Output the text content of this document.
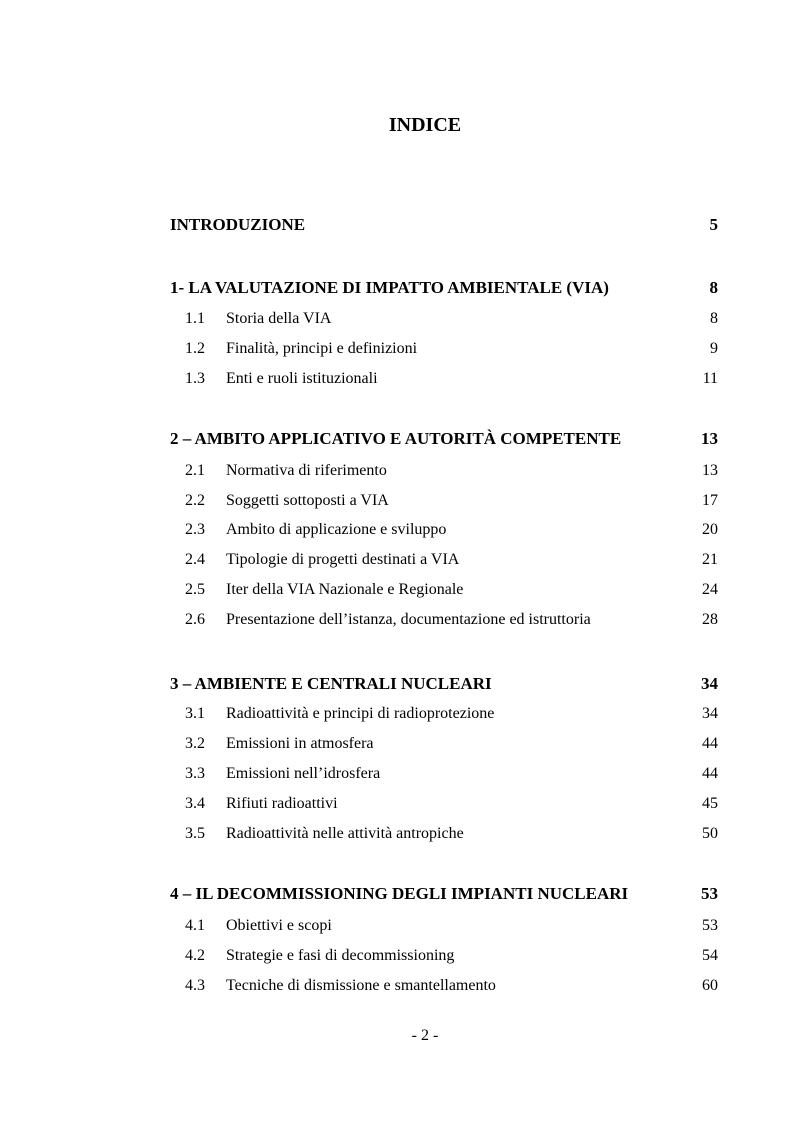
INDICE
INTRODUZIONE	5
1- LA VALUTAZIONE DI IMPATTO AMBIENTALE (VIA)	8
1.1 Storia della VIA	8
1.2 Finalità, principi e definizioni	9
1.3 Enti e ruoli istituzionali	11
2 – AMBITO APPLICATIVO E AUTORITÀ COMPETENTE	13
2.1 Normativa di riferimento	13
2.2 Soggetti sottoposti a VIA	17
2.3 Ambito di applicazione e sviluppo	20
2.4 Tipologie di progetti destinati a VIA	21
2.5 Iter della VIA Nazionale e Regionale	24
2.6 Presentazione dell’istanza, documentazione ed istruttoria	28
3 – AMBIENTE E CENTRALI NUCLEARI	34
3.1 Radioattività e principi di radioprotezione	34
3.2 Emissioni in atmosfera	44
3.3 Emissioni nell’idrosfera	44
3.4 Rifiuti radioattivi	45
3.5 Radioattività nelle attività antropiche	50
4 – IL DECOMMISSIONING DEGLI IMPIANTI NUCLEARI	53
4.1 Obiettivi e scopi	53
4.2 Strategie e fasi di decommissioning	54
4.3 Tecniche di dismissione e smantellamento	60
- 2 -
